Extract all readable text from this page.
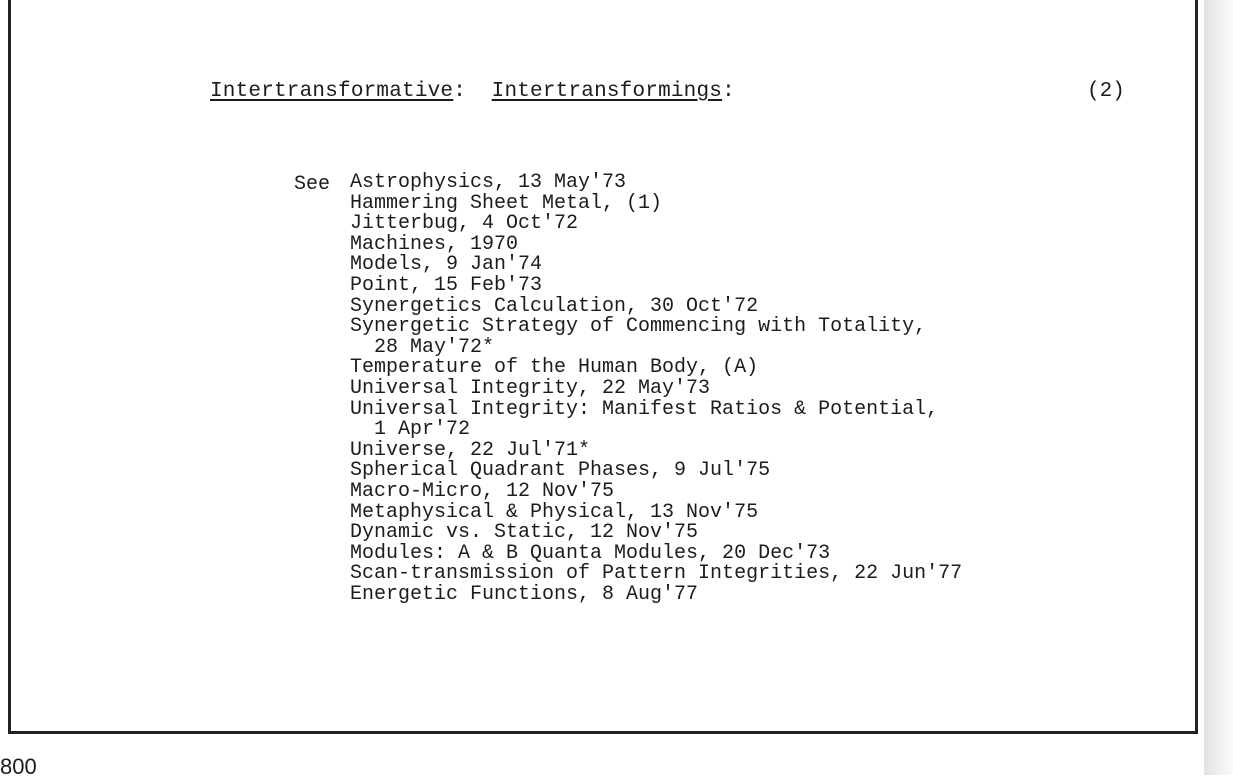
Intertransformative:  Intertransformings:	(2)
See Astrophysics, 13 May'73
Hammering Sheet Metal, (1)
Jitterbug, 4 Oct'72
Machines, 1970
Models, 9 Jan'74
Point, 15 Feb'73
Synergetics Calculation, 30 Oct'72
Synergetic Strategy of Commencing with Totality,
28 May'72*
Temperature of the Human Body, (A)
Universal Integrity, 22 May'73
Universal Integrity: Manifest Ratios & Potential,
1 Apr'72
Universe, 22 Jul'71*
Spherical Quadrant Phases, 9 Jul'75
Macro-Micro, 12 Nov'75
Metaphysical & Physical, 13 Nov'75
Dynamic vs. Static, 12 Nov'75
Modules: A & B Quanta Modules, 20 Dec'73
Scan-transmission of Pattern Integrities, 22 Jun'77
Energetic Functions, 8 Aug'77
800
